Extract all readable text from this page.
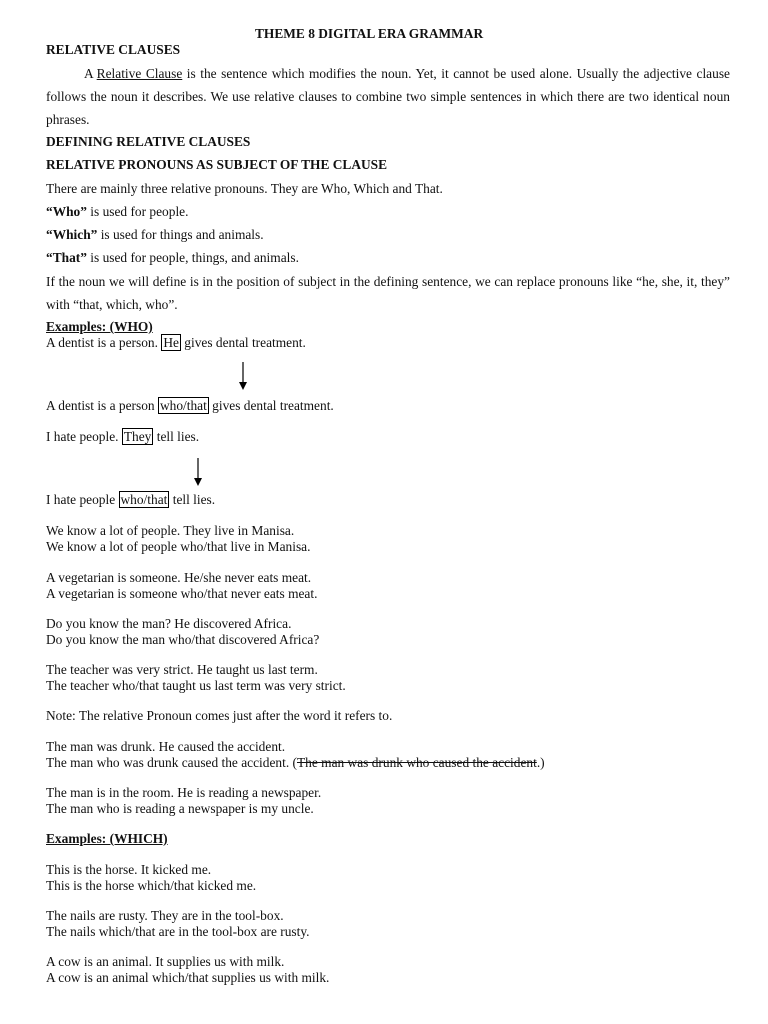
THEME 8 DIGITAL ERA GRAMMAR
RELATIVE CLAUSES
A Relative Clause is the sentence which modifies the noun. Yet, it cannot be used alone. Usually the adjective clause follows the noun it describes. We use relative clauses to combine two simple sentences in which there are two identical noun phrases.
DEFINING RELATIVE CLAUSES
RELATIVE PRONOUNS AS SUBJECT OF THE CLAUSE
There are mainly three relative pronouns. They are Who, Which and That.
“Who” is used for people.
“Which” is used for things and animals.
“That” is used for people, things, and animals.
If the noun we will define is in the position of subject in the defining sentence, we can replace pronouns like “he, she, it, they” with “that, which, who”.
Examples: (WHO)
A dentist is a person. He gives dental treatment.
A dentist is a person who/that gives dental treatment.
I hate people. They tell lies.
I hate people who/that tell lies.
We know a lot of people. They live in Manisa.
We know a lot of people who/that live in Manisa.
A vegetarian is someone. He/she never eats meat.
A vegetarian is someone who/that never eats meat.
Do you know the man? He discovered Africa.
Do you know the man who/that discovered Africa?
The teacher was very strict. He taught us last term.
The teacher who/that taught us last term was very strict.
Note: The relative Pronoun comes just after the word it refers to.
The man was drunk. He caused the accident.
The man who was drunk caused the accident. (The man was drunk who caused the accident.)
The man is in the room. He is reading a newspaper.
The man who is reading a newspaper is my uncle.
Examples: (WHICH)
This is the horse. It kicked me.
This is the horse which/that kicked me.
The nails are rusty. They are in the tool-box.
The nails which/that are in the tool-box are rusty.
A cow is an animal. It supplies us with milk.
A cow is an animal which/that supplies us with milk.
